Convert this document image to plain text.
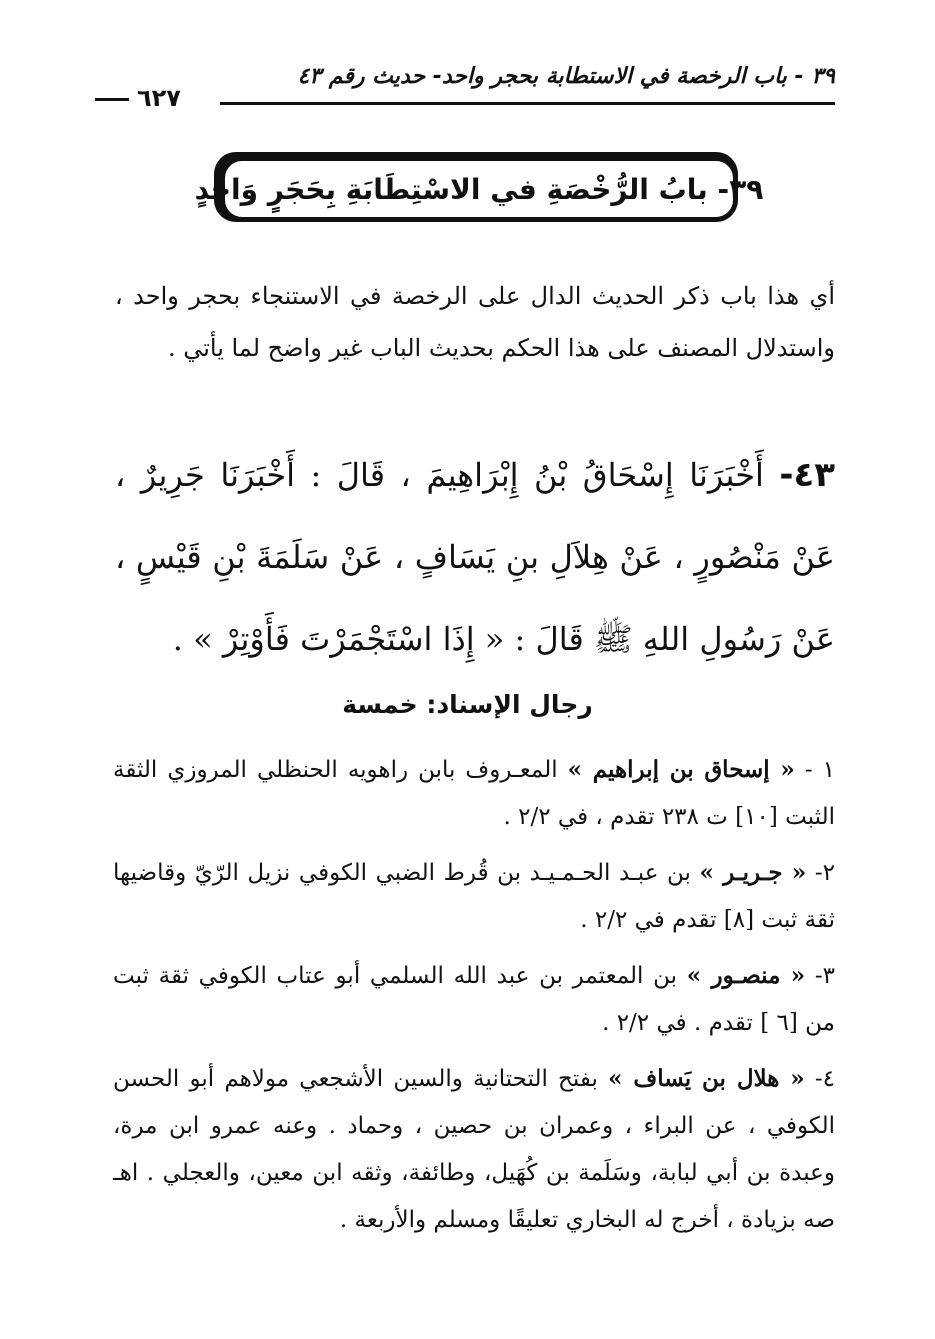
٣٩ - باب الرخصة في الاستطابة بحجر واحد- حديث رقم ٤٣
٦٢٧
٣٩- بابُ الرُّخْصَةِ في الاسْتِطَابَةِ بِحَجَرٍ وَاحِدٍ

أي هذا باب ذكر الحديث الدال على الرخصة في الاستنجاء بحجر واحد ، واستدلال المصنف على هذا الحكم بحديث الباب غير واضح لما يأتي .

٤٣- أَخْبَرَنَا إِسْحَاقُ بْنُ إِبْرَاهِيمَ ، قَالَ : أَخْبَرَنَا جَرِيرٌ ، عَنْ مَنْصُورٍ ، عَنْ هِلاَلِ بنِ يَسَافٍ ، عَنْ سَلَمَةَ بْنِ قَيْسٍ ، عَنْ رَسُولِ اللهِ ﷺ قَالَ : « إِذَا اسْتَجْمَرْتَ فَأَوْتِرْ » .

رجال الإسناد: خمسة

١ - « إسحاق بن إبراهيم » المعـروف بابن راهويه الحنظلي المروزي الثقة الثبت [١٠] ت ٢٣٨ تقدم ، في ٢/٢ .

٢- « جـريـر » بن عبـد الحـمـيـد بن قُرط الضبي الكوفي نزيل الرّيّ وقاضيها ثقة ثبت [٨] تقدم في ٢/٢ .

٣- « منصـور » بن المعتمر بن عبد الله السلمي أبو عتاب الكوفي ثقة ثبت من [٦ ] تقدم . في ٢/٢ .

٤- « هلال بن يَساف » بفتح التحتانية والسين الأشجعي مولاهم أبو الحسن الكوفي ، عن البراء ، وعمران بن حصين ، وحماد . وعنه عمرو ابن مرة، وعبدة بن أبي لبابة، وسَلَمة بن كُهَيل، وطائفة، وثقه ابن معين، والعجلي . اهـ صه بزيادة ، أخرج له البخاري تعليقًا ومسلم والأربعة .
